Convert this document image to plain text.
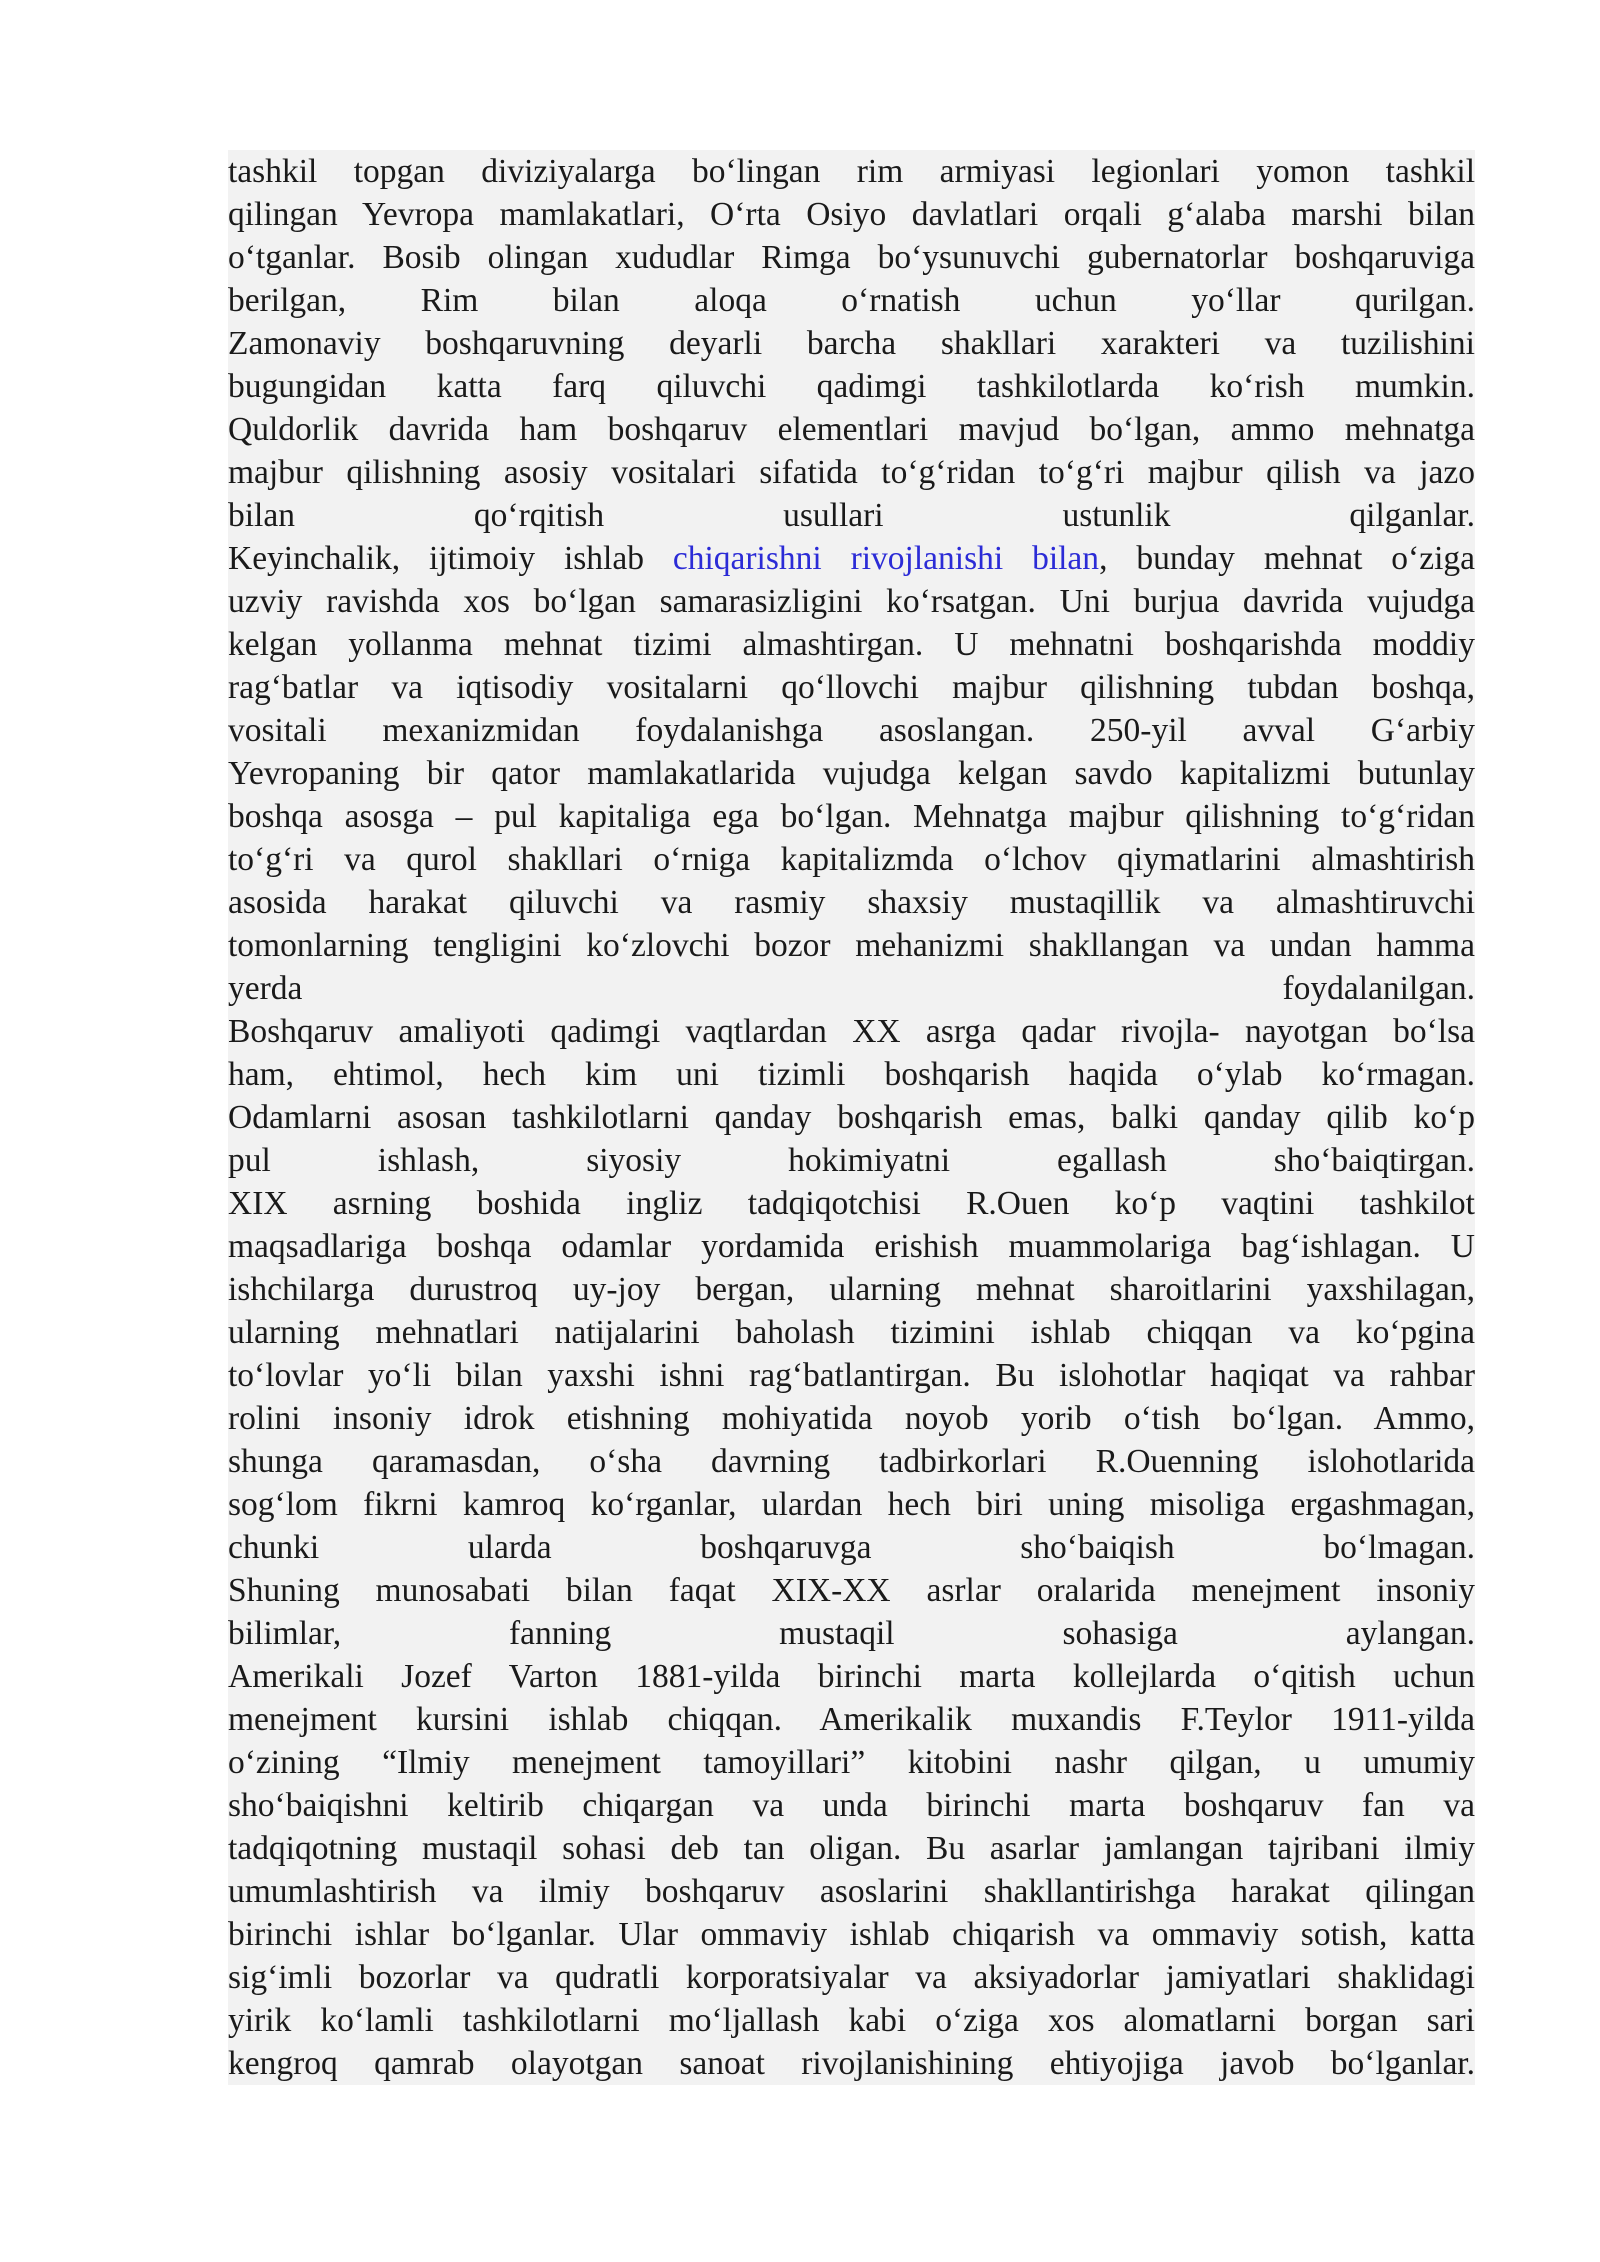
tashkil topgan diviziyalarga boʻlingan rim armiyasi legionlari yomon tashkil
qilingan Yevropa mamlakatlari, Oʻrta Osiyo davlatlari orqali gʻalaba marshi bilan
oʻtganlar. Bosib olingan xududlar Rimga boʻysunuvchi gubernatorlar boshqaruviga
berilgan, Rim bilan aloqa oʻrnatish uchun yoʻllar qurilgan.
Zamonaviy boshqaruvning deyarli barcha shakllari xarakteri va tuzilishini
bugungidan katta farq qiluvchi qadimgi tashkilotlarda koʻrish mumkin.
Quldorlik davrida ham boshqaruv elementlari mavjud boʻlgan, ammo mehnatga
majbur qilishning asosiy vositalari sifatida toʻgʻridan toʻgʻri majbur qilish va jazo
bilan qoʻrqitish usullari ustunlik qilganlar.
Keyinchalik, ijtimoiy ishlab chiqarishni rivojlanishi bilan, bunday mehnat oʻziga
uzviy ravishda xos boʻlgan samarasizligini koʻrsatgan. Uni burjua davrida vujudga
kelgan yollanma mehnat tizimi almashtirgan. U mehnatni boshqarishda moddiy
ragʻbatlar va iqtisodiy vositalarni qoʻllovchi majbur qilishning tubdan boshqa,
vositali mexanizmidan foydalanishga asoslangan. 250-yil avval Gʻarbiy
Yevropaning bir qator mamlakatlarida vujudga kelgan savdo kapitalizmi butunlay
boshqa asosga – pul kapitaliga ega boʻlgan. Mehnatga majbur qilishning toʻgʻridan
toʻgʻri va qurol shakllari oʻrniga kapitalizmda oʻlchov qiymatlarini almashtirish
asosida harakat qiluvchi va rasmiy shaxsiy mustaqillik va almashtiruvchi
tomonlarning tengligini koʻzlovchi bozor mehanizmi shakllangan va undan hamma
yerda foydalanilgan.
Boshqaruv amaliyoti qadimgi vaqtlardan XX asrga qadar rivojla- nayotgan boʻlsa
ham, ehtimol, hech kim uni tizimli boshqarish haqida oʻylab koʻrmagan.
Odamlarni asosan tashkilotlarni qanday boshqarish emas, balki qanday qilib koʻp
pul ishlash, siyosiy hokimiyatni egallash shoʻbaiqtirgan.
XIX asrning boshida ingliz tadqiqotchisi R.Ouen koʻp vaqtini tashkilot
maqsadlariga boshqa odamlar yordamida erishish muammolariga bagʻishlagan. U
ishchilarga durustroq uy-joy bergan, ularning mehnat sharoitlarini yaxshilagan,
ularning mehnatlari natijalarini baholash tizimini ishlab chiqqan va koʻpgina
toʻlovlar yoʻli bilan yaxshi ishni ragʻbatlantirgan. Bu islohotlar haqiqat va rahbar
rolini insoniy idrok etishning mohiyatida noyob yorib oʻtish boʻlgan. Ammo,
shunga qaramasdan, oʻsha davrning tadbirkorlari R.Ouenning islohotlarida
sogʻlom fikrni kamroq koʻrganlar, ulardan hech biri uning misoliga ergashmagan,
chunki ularda boshqaruvga shoʻbaiqish boʻlmagan.
Shuning munosabati bilan faqat XIX-XX asrlar oralarida menejment insoniy
bilimlar, fanning mustaqil sohasiga aylangan.
Amerikali Jozef Varton 1881-yilda birinchi marta kollejlarda oʻqitish uchun
menejment kursini ishlab chiqqan. Amerikalik muxandis F.Teylor 1911-yilda
oʻzining “Ilmiy menejment tamoyillari” kitobini nashr qilgan, u umumiy
shoʻbaiqishni keltirib chiqargan va unda birinchi marta boshqaruv fan va
tadqiqotning mustaqil sohasi deb tan oligan. Bu asarlar jamlangan tajribani ilmiy
umumlashtirish va ilmiy boshqaruv asoslarini shakllantirishga harakat qilingan
birinchi ishlar boʻlganlar. Ular ommaviy ishlab chiqarish va ommaviy sotish, katta
sigʻimli bozorlar va qudratli korporatsiyalar va aksiyadorlar jamiyatlari shaklidagi
yirik koʻlamli tashkilotlarni moʻljallash kabi oʻziga xos alomatlarni borgan sari
kengroq qamrab olayotgan sanoat rivojlanishining ehtiyojiga javob boʻlganlar.
